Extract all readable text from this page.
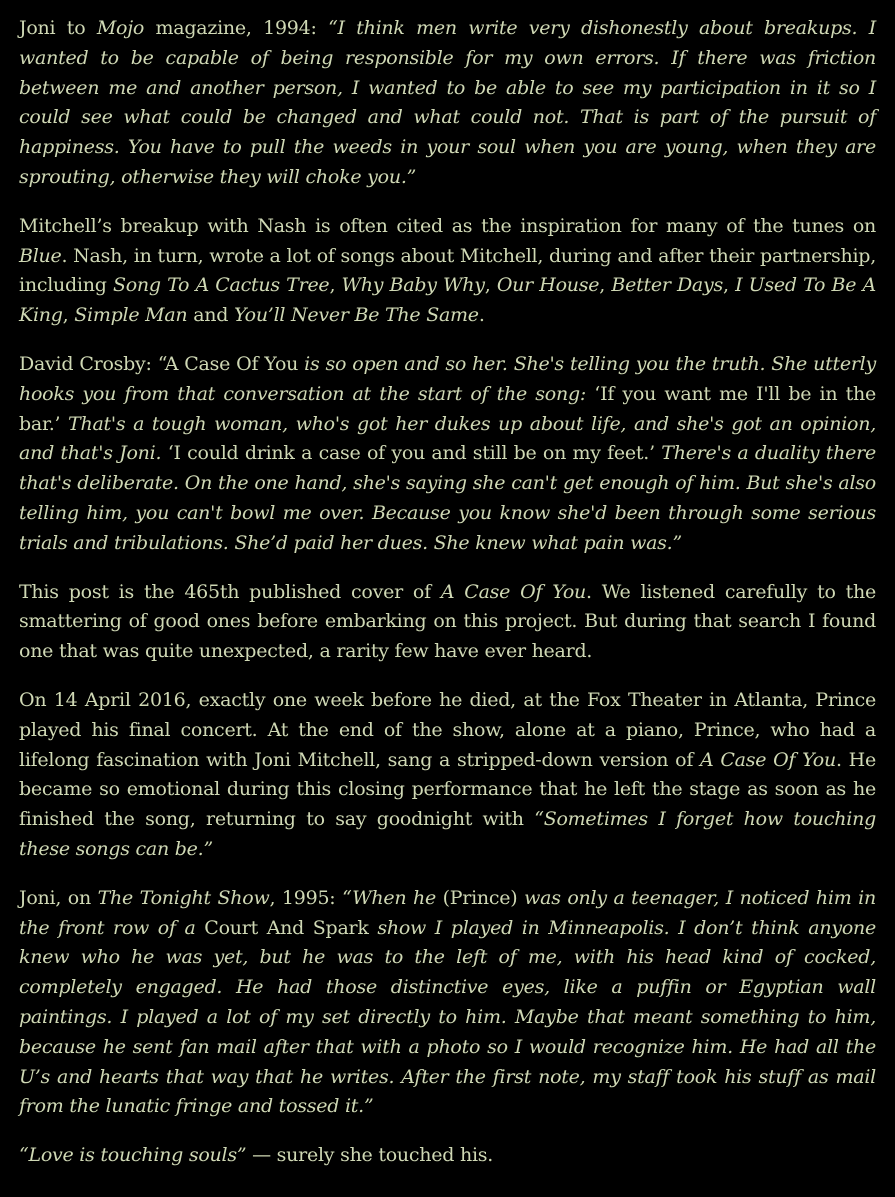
Joni to Mojo magazine, 1994: “I think men write very dishonestly about breakups. I wanted to be capable of being responsible for my own errors. If there was friction between me and another person, I wanted to be able to see my participation in it so I could see what could be changed and what could not. That is part of the pursuit of happiness. You have to pull the weeds in your soul when you are young, when they are sprouting, otherwise they will choke you.”

Mitchell’s breakup with Nash is often cited as the inspiration for many of the tunes on Blue. Nash, in turn, wrote a lot of songs about Mitchell, during and after their partnership, including Song To A Cactus Tree, Why Baby Why, Our House, Better Days, I Used To Be A King, Simple Man and You’ll Never Be The Same.

David Crosby: “A Case Of You is so open and so her. She's telling you the truth. She utterly hooks you from that conversation at the start of the song: ‘If you want me I'll be in the bar.’ That's a tough woman, who's got her dukes up about life, and she's got an opinion, and that's Joni. ‘I could drink a case of you and still be on my feet.’ There's a duality there that's deliberate. On the one hand, she's saying she can't get enough of him. But she's also telling him, you can't bowl me over. Because you know she'd been through some serious trials and tribulations. She’d paid her dues. She knew what pain was.”

This post is the 465th published cover of A Case Of You. We listened carefully to the smattering of good ones before embarking on this project. But during that search I found one that was quite unexpected, a rarity few have ever heard.

On 14 April 2016, exactly one week before he died, at the Fox Theater in Atlanta, Prince played his final concert. At the end of the show, alone at a piano, Prince, who had a lifelong fascination with Joni Mitchell, sang a stripped-down version of A Case Of You. He became so emotional during this closing performance that he left the stage as soon as he finished the song, returning to say goodnight with “Sometimes I forget how touching these songs can be.”

Joni, on The Tonight Show, 1995: “When he (Prince) was only a teenager, I noticed him in the front row of a Court And Spark show I played in Minneapolis. I don’t think anyone knew who he was yet, but he was to the left of me, with his head kind of cocked, completely engaged. He had those distinctive eyes, like a puffin or Egyptian wall paintings. I played a lot of my set directly to him. Maybe that meant something to him, because he sent fan mail after that with a photo so I would recognize him. He had all the U’s and hearts that way that he writes. After the first note, my staff took his stuff as mail from the lunatic fringe and tossed it.”

“Love is touching souls” — surely she touched his.
